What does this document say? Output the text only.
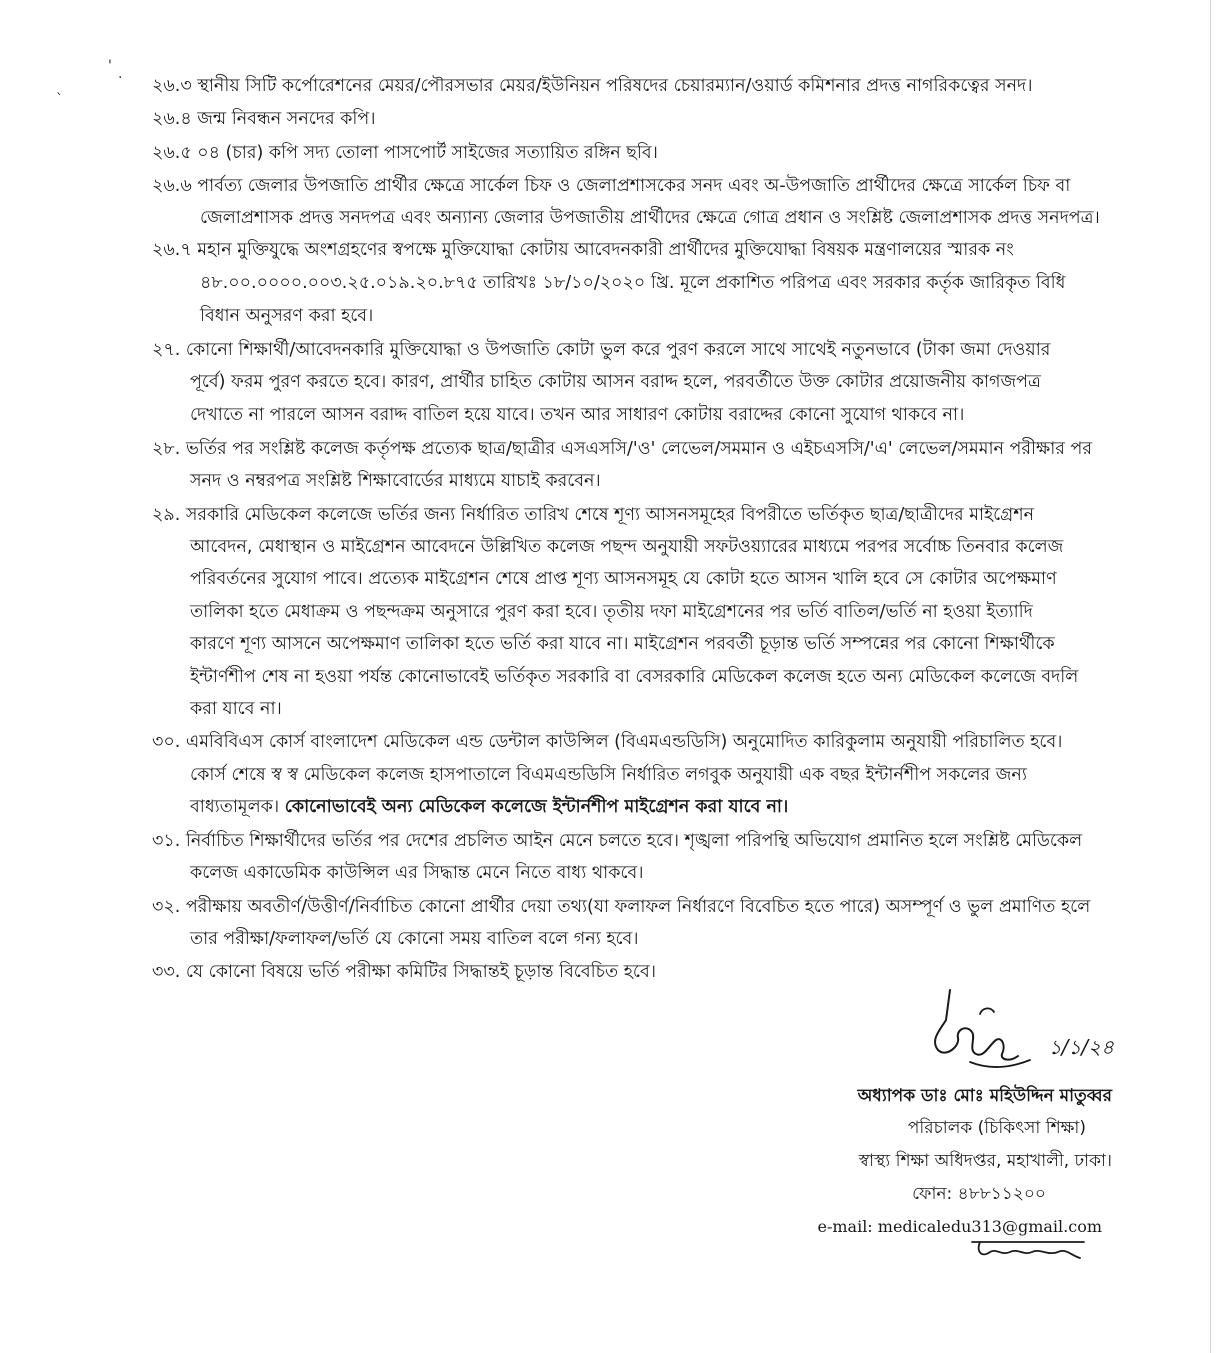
' .
`
২৬.৩ স্থানীয় সিটি কর্পোরেশনের মেয়র/পৌরসভার মেয়র/ইউনিয়ন পরিষদের চেয়ারম্যান/ওয়ার্ড কমিশনার প্রদত্ত নাগরিকত্বের সনদ।
২৬.৪ জন্ম নিবন্ধন সনদের কপি।
২৬.৫ ০৪ (চার) কপি সদ্য তোলা পাসপোর্ট সাইজের সত্যায়িত রঙ্গিন ছবি।
২৬.৬ পার্বত্য জেলার উপজাতি প্রার্থীর ক্ষেত্রে সার্কেল চিফ ও জেলাপ্রশাসকের সনদ এবং অ-উপজাতি প্রার্থীদের ক্ষেত্রে সার্কেল চিফ বা
জেলাপ্রশাসক প্রদত্ত সনদপত্র এবং অন্যান্য জেলার উপজাতীয় প্রার্থীদের ক্ষেত্রে গোত্র প্রধান ও সংশ্লিষ্ট জেলাপ্রশাসক প্রদত্ত সনদপত্র।
২৬.৭ মহান মুক্তিযুদ্ধে অংশগ্রহণের স্বপক্ষে মুক্তিযোদ্ধা কোটায় আবেদনকারী প্রার্থীদের মুক্তিযোদ্ধা বিষয়ক মন্ত্রণালয়ের স্মারক নং
৪৮.০০.০০০০.০০৩.২৫.০১৯.২০.৮৭৫ তারিখঃ ১৮/১০/২০২০ খ্রি. মূলে প্রকাশিত পরিপত্র এবং সরকার কর্তৃক জারিকৃত বিধি
বিধান অনুসরণ করা হবে।
২৭. কোনো শিক্ষার্থী/আবেদনকারি মুক্তিযোদ্ধা ও উপজাতি কোটা ভুল করে পুরণ করলে সাথে সাথেই নতুনভাবে (টাকা জমা দেওয়ার
পূর্বে) ফরম পুরণ করতে হবে। কারণ, প্রার্থীর চাহিত কোটায় আসন বরাদ্দ হলে, পরবর্তীতে উক্ত কোটার প্রয়োজনীয় কাগজপত্র
দেখাতে না পারলে আসন বরাদ্দ বাতিল হয়ে যাবে। তখন আর সাধারণ কোটায় বরাদ্দের কোনো সুযোগ থাকবে না।
২৮. ভর্তির পর সংশ্লিষ্ট কলেজ কর্তৃপক্ষ প্রত্যেক ছাত্র/ছাত্রীর এসএসসি/'ও' লেভেল/সমমান ও এইচএসসি/'এ' লেভেল/সমমান পরীক্ষার পর
সনদ ও নম্বরপত্র সংশ্লিষ্ট শিক্ষাবোর্ডের মাধ্যমে যাচাই করবেন।
২৯. সরকারি মেডিকেল কলেজে ভর্তির জন্য নির্ধারিত তারিখ শেষে শূণ্য আসনসমূহের বিপরীতে ভর্তিকৃত ছাত্র/ছাত্রীদের মাইগ্রেশন
আবেদন, মেধাস্থান ও মাইগ্রেশন আবেদনে উল্লিখিত কলেজ পছন্দ অনুযায়ী সফটওয়্যারের মাধ্যমে পরপর সর্বোচ্চ তিনবার কলেজ
পরিবর্তনের সুযোগ পাবে। প্রত্যেক মাইগ্রেশন শেষে প্রাপ্ত শূণ্য আসনসমূহ যে কোটা হতে আসন খালি হবে সে কোটার অপেক্ষমাণ
তালিকা হতে মেধাক্রম ও পছন্দক্রম অনুসারে পুরণ করা হবে। তৃতীয় দফা মাইগ্রেশনের পর ভর্তি বাতিল/ভর্তি না হওয়া ইত্যাদি
কারণে শূণ্য আসনে অপেক্ষমাণ তালিকা হতে ভর্তি করা যাবে না। মাইগ্রেশন পরবর্তী চূড়ান্ত ভর্তি সম্পন্নের পর কোনো শিক্ষার্থীকে
ইন্টার্ণশীপ শেষ না হওয়া পর্যন্ত কোনোভাবেই ভর্তিকৃত সরকারি বা বেসরকারি মেডিকেল কলেজ হতে অন্য মেডিকেল কলেজে বদলি
করা যাবে না।
৩০. এমবিবিএস কোর্স বাংলাদেশ মেডিকেল এন্ড ডেন্টাল কাউন্সিল (বিএমএন্ডডিসি) অনুমোদিত কারিকুলাম অনুযায়ী পরিচালিত হবে।
কোর্স শেষে স্ব স্ব মেডিকেল কলেজ হাসপাতালে বিএমএন্ডডিসি নির্ধারিত লগবুক অনুযায়ী এক বছর ইন্টার্নশীপ সকলের জন্য
বাধ্যতামূলক। কোনোভাবেই অন্য মেডিকেল কলেজে ইন্টার্নশীপ মাইগ্রেশন করা যাবে না।
৩১. নির্বাচিত শিক্ষার্থীদের ভর্তির পর দেশের প্রচলিত আইন মেনে চলতে হবে। শৃঙ্খলা পরিপন্থি অভিযোগ প্রমানিত হলে সংশ্লিষ্ট মেডিকেল
কলেজ একাডেমিক কাউন্সিল এর সিদ্ধান্ত মেনে নিতে বাধ্য থাকবে।
৩২. পরীক্ষায় অবতীর্ণ/উত্তীর্ণ/নির্বাচিত কোনো প্রার্থীর দেয়া তথ্য(যা ফলাফল নির্ধারণে বিবেচিত হতে পারে) অসম্পূর্ণ ও ভুল প্রমাণিত হলে
তার পরীক্ষা/ফলাফল/ভর্তি যে কোনো সময় বাতিল বলে গন্য হবে।
৩৩. যে কোনো বিষয়ে ভর্তি পরীক্ষা কমিটির সিদ্ধান্তই চূড়ান্ত বিবেচিত হবে।
১/১/২৪
অধ্যাপক ডাঃ মোঃ মহিউদ্দিন মাতুব্বর
পরিচালক (চিকিৎসা শিক্ষা)
স্বাস্থ্য শিক্ষা অধিদপ্তর, মহাখালী, ঢাকা।
ফোন: ৪৮৮১১২০০
e-mail: medicaledu313@gmail.com
